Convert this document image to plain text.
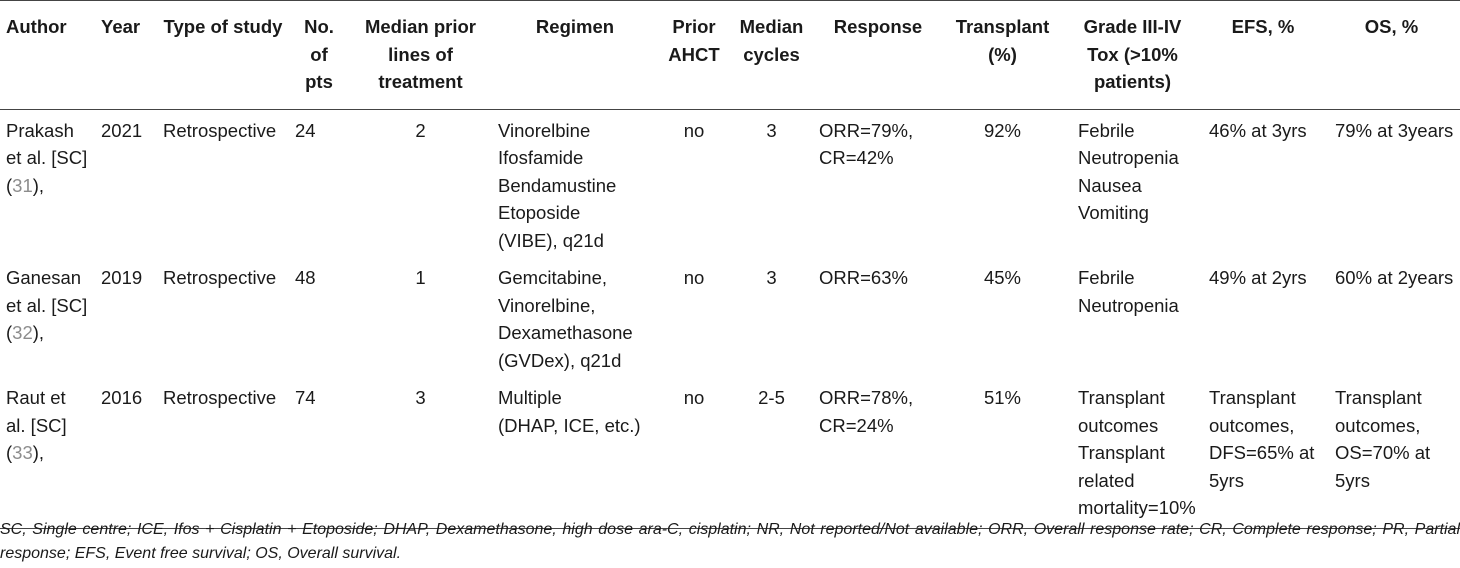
Author	Year	Type of study	No. of pts	Median prior lines of treatment	Regimen	Prior AHCT	Median cycles	Response	Transplant (%)	Grade III-IV Tox (>10% patients)	EFS, %	OS, %
Prakash et al. [SC] (31),	2021	Retrospective	24	2	Vinorelbine
Ifosfamide
Bendamustine
Etoposide
(VIBE), q21d	no	3	ORR=79%, CR=42%	92%	Febrile
Neutropenia
Nausea
Vomiting	46% at 3yrs	79% at 3years
Ganesan et al. [SC] (32),	2019	Retrospective	48	1	Gemcitabine,
Vinorelbine,
Dexamethasone
(GVDex), q21d	no	3	ORR=63%	45%	Febrile
Neutropenia	49% at 2yrs	60% at 2years
Raut et al. [SC] (33),	2016	Retrospective	74	3	Multiple
(DHAP, ICE, etc.)	no	2-5	ORR=78%, CR=24%	51%	Transplant outcomes
Transplant related mortality=10%	Transplant outcomes, DFS=65% at 5yrs	Transplant outcomes, OS=70% at 5yrs
SC, Single centre; ICE, Ifos + Cisplatin + Etoposide; DHAP, Dexamethasone, high dose ara-C, cisplatin; NR, Not reported/Not available; ORR, Overall response rate; CR, Complete response; PR, Partial response; EFS, Event free survival; OS, Overall survival.
